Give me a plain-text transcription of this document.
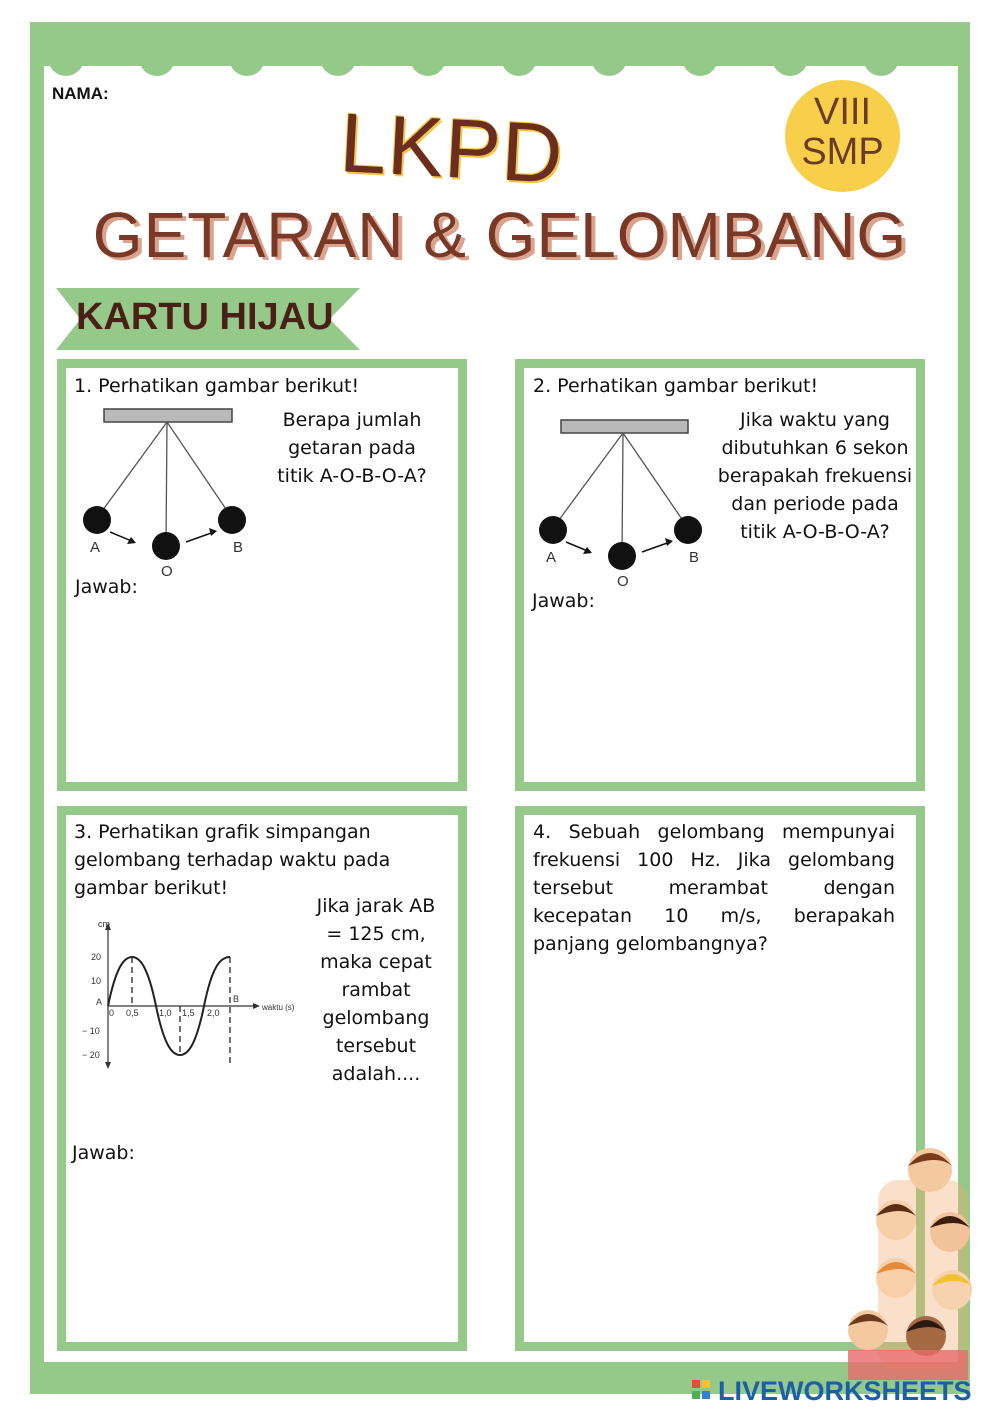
NAMA:
LKPD
GETARAN & GELOMBANG
VIII
SMP
KARTU HIJAU
1. Perhatikan gambar berikut!
Berapa jumlah getaran pada titik A-O-B-O-A?
A
O
B
Jawab:
2. Perhatikan gambar berikut!
Jika waktu yang dibutuhkan 6 sekon berapakah frekuensi dan periode pada titik A-O-B-O-A?
A
O
B
Jawab:
3. Perhatikan grafik simpangan gelombang terhadap waktu pada gambar berikut!
Jika jarak AB = 125 cm, maka cepat rambat gelombang tersebut adalah....
cm
20
10
A
− 10
− 20
0 0,5 1,0 1,5 2,0
B
waktu (s)
Jawab:
4. Sebuah gelombang mempunyai frekuensi 100 Hz. Jika gelombang tersebut merambat dengan kecepatan 10 m/s, berapakah panjang gelombangnya?
LIVEWORKSHEETS
